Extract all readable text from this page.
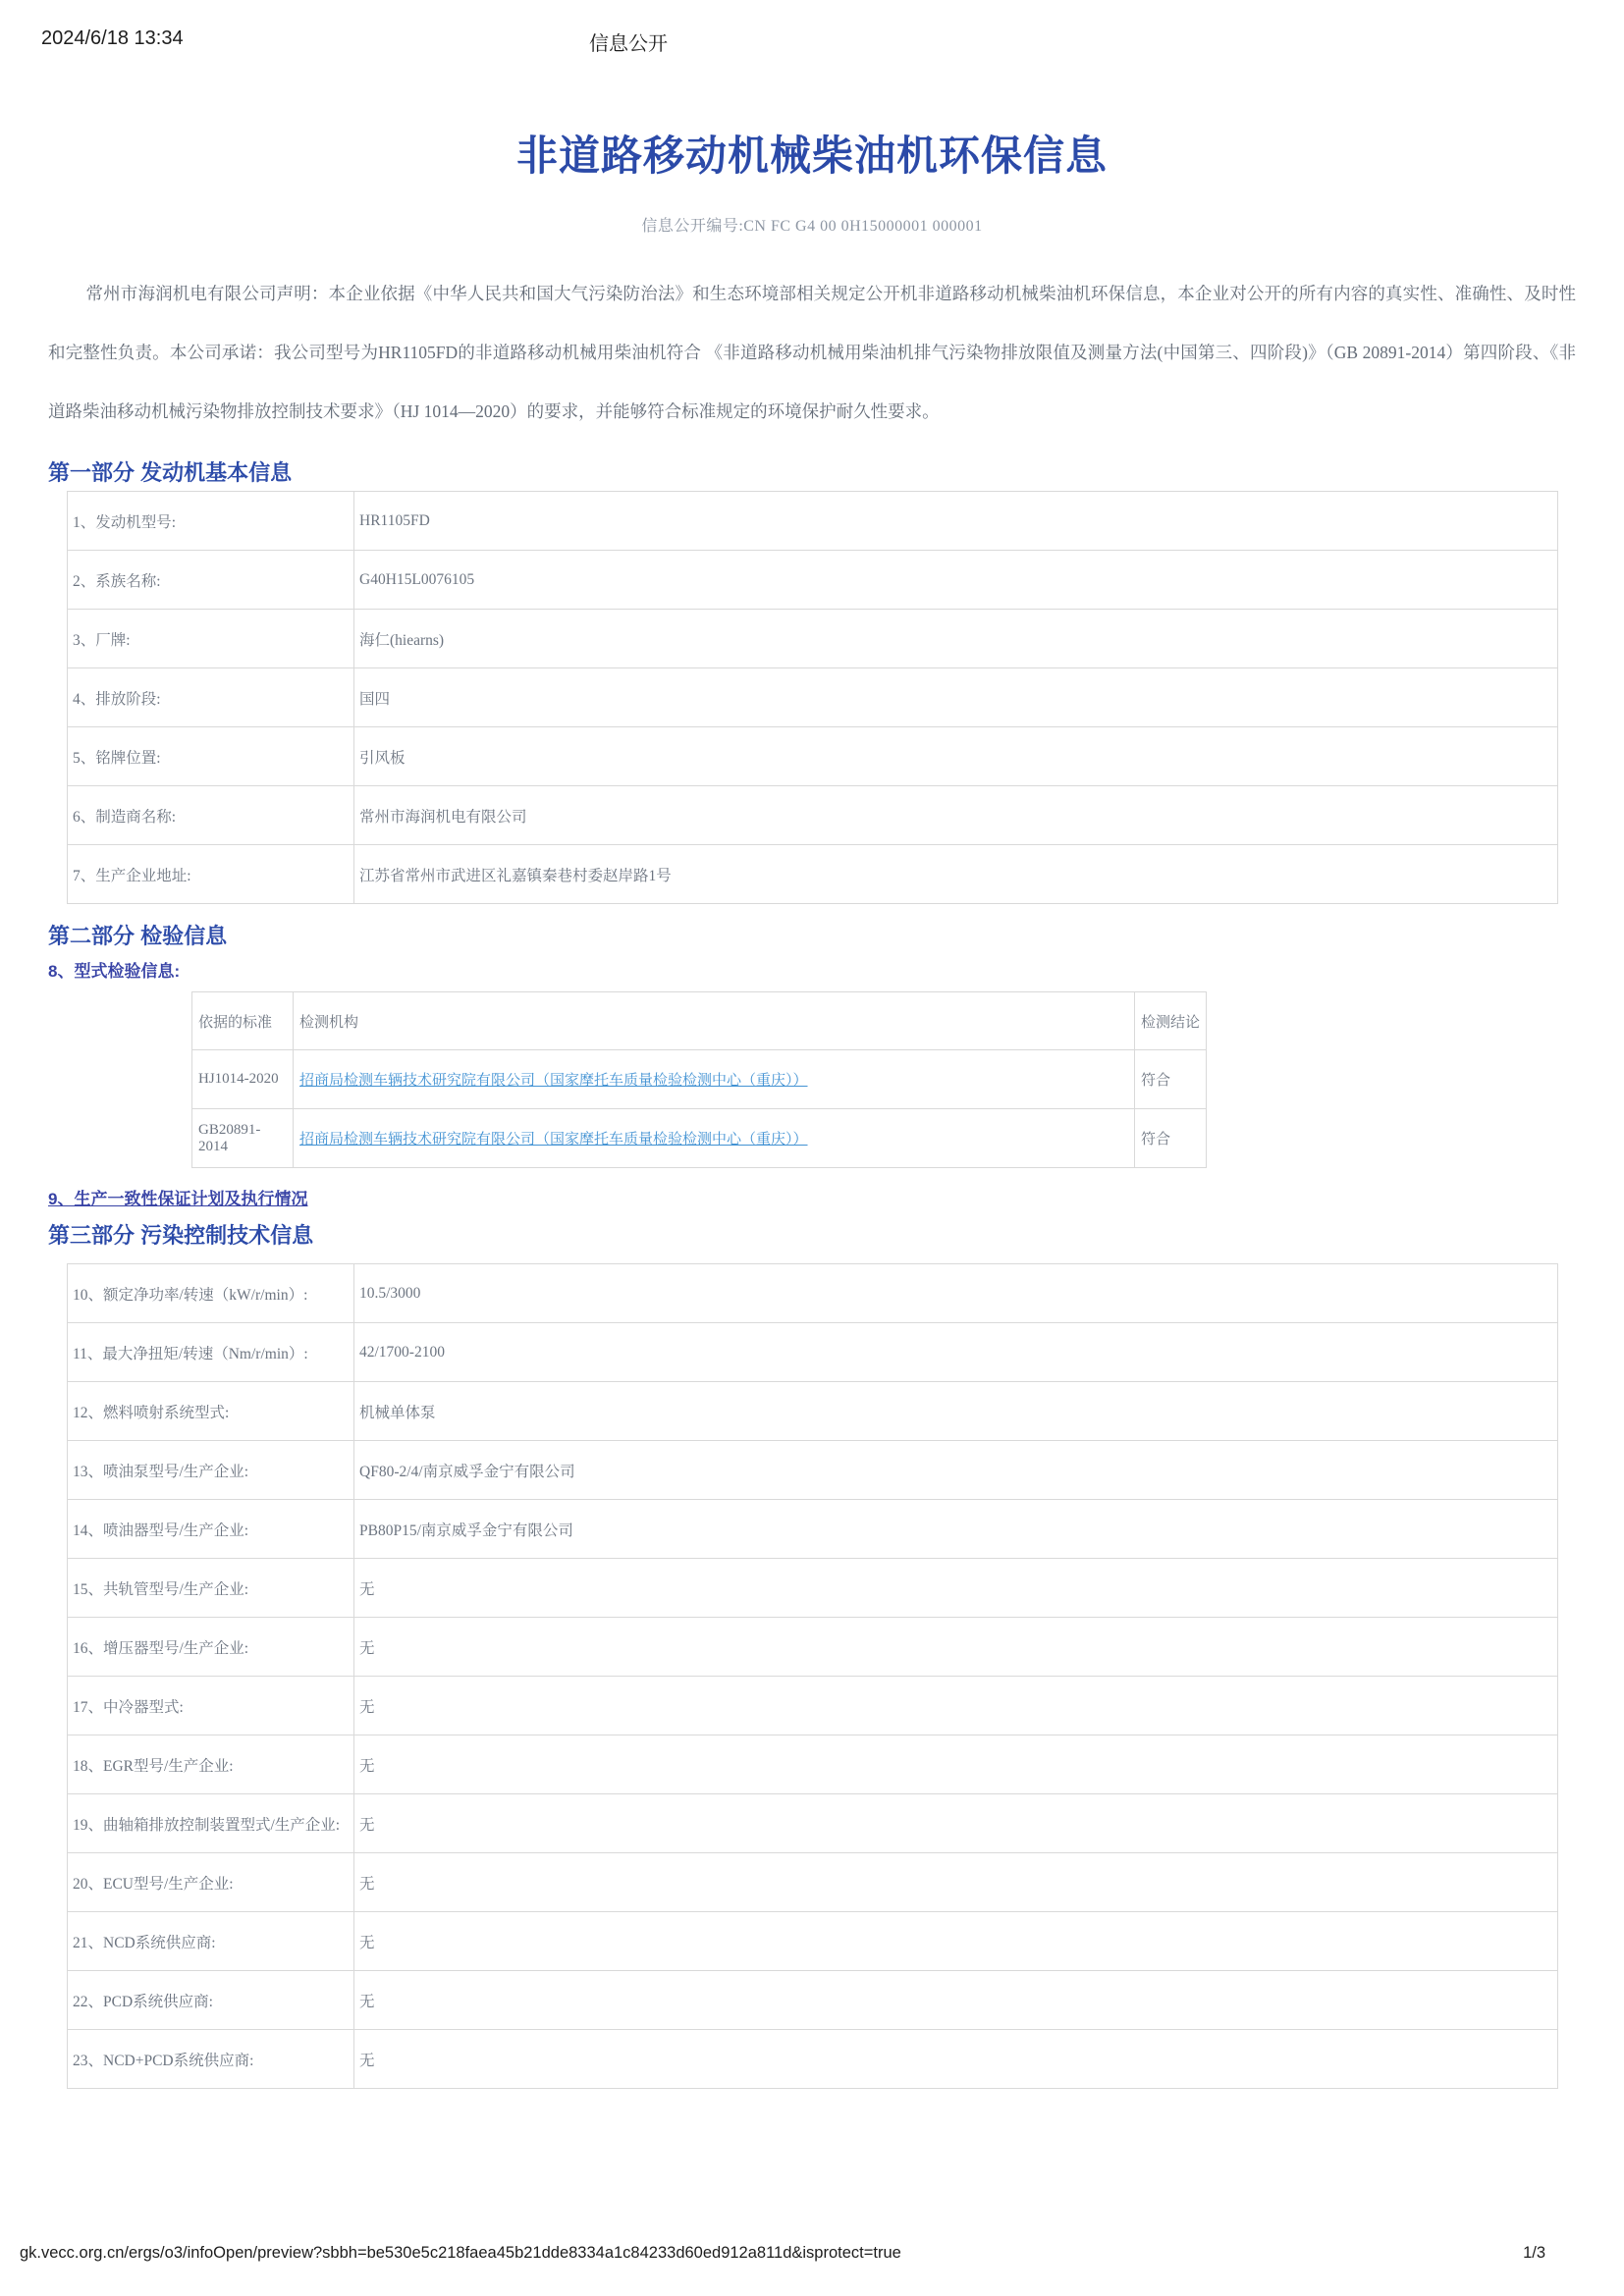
2024/6/18 13:34	信息公开
非道路移动机械柴油机环保信息
信息公开编号:CN FC G4 00 0H15000001 000001

常州市海润机电有限公司声明：本企业依据《中华人民共和国大气污染防治法》和生态环境部相关规定公开机非道路移动机械柴油机环保信息，本企业对公开的所有内容的真实性、准确性、及时性和完整性负责。本公司承诺：我公司型号为HR1105FD的非道路移动机械用柴油机符合 《非道路移动机械用柴油机排气污染物排放限值及测量方法(中国第三、四阶段)》（GB 20891-2014）第四阶段、《非道路柴油移动机械污染物排放控制技术要求》（HJ 1014—2020）的要求，并能够符合标准规定的环境保护耐久性要求。

第一部分 发动机基本信息
1、发动机型号:	HR1105FD
2、系族名称:	G40H15L0076105
3、厂牌:	海仁(hiearns)
4、排放阶段:	国四
5、铭牌位置:	引风板
6、制造商名称:	常州市海润机电有限公司
7、生产企业地址:	江苏省常州市武进区礼嘉镇秦巷村委赵岸路1号
第二部分 检验信息
8、型式检验信息:
依据的标准	检测机构	检测结论
HJ1014-2020	招商局检测车辆技术研究院有限公司（国家摩托车质量检验检测中心（重庆））	符合
GB20891-2014	招商局检测车辆技术研究院有限公司（国家摩托车质量检验检测中心（重庆））	符合
9、生产一致性保证计划及执行情况
第三部分 污染控制技术信息
10、额定净功率/转速（kW/r/min）:	10.5/3000
11、最大净扭矩/转速（Nm/r/min）:	42/1700-2100
12、燃料喷射系统型式:	机械单体泵
13、喷油泵型号/生产企业:	QF80-2/4/南京威孚金宁有限公司
14、喷油器型号/生产企业:	PB80P15/南京威孚金宁有限公司
15、共轨管型号/生产企业:	无
16、增压器型号/生产企业:	无
17、中冷器型式:	无
18、EGR型号/生产企业:	无
19、曲轴箱排放控制装置型式/生产企业:	无
20、ECU型号/生产企业:	无
21、NCD系统供应商:	无
22、PCD系统供应商:	无
23、NCD+PCD系统供应商:	无
gk.vecc.org.cn/ergs/o3/infoOpen/preview?sbbh=be530e5c218faea45b21dde8334a1c84233d60ed912a811d&isprotect=true	1/3
